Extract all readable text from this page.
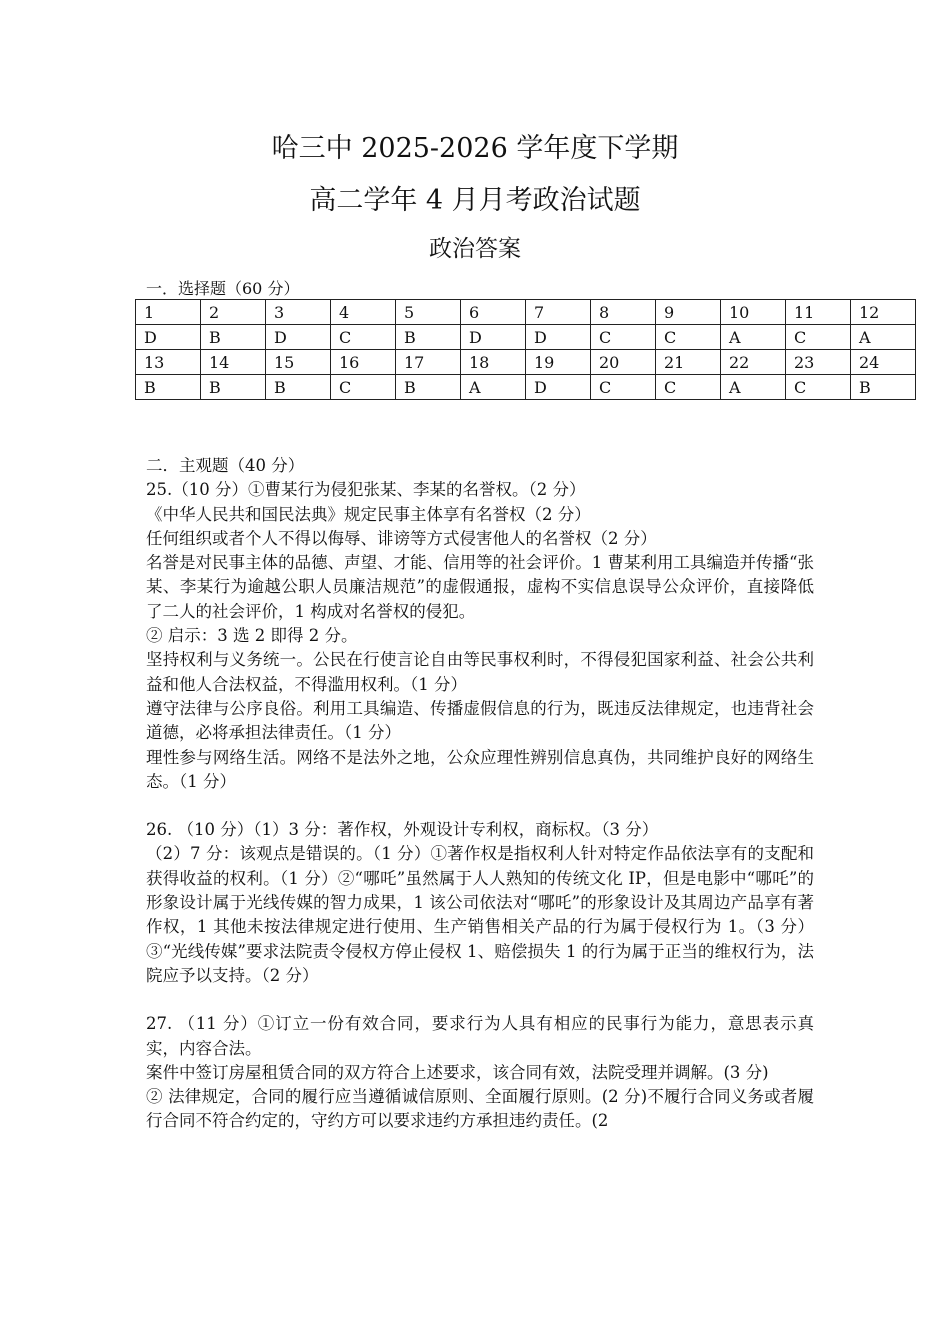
哈三中 2025-2026 学年度下学期
高二学年 4 月月考政治试题
政治答案
一．选择题（60 分）
1	2	3	4	5	6	7	8	9	10	11	12
D	B	D	C	B	D	D	C	C	A	C	A
13	14	15	16	17	18	19	20	21	22	23	24
B	B	B	C	B	A	D	C	C	A	C	B

二．主观题（40 分）

25.（10 分）①曹某行为侵犯张某、李某的名誉权。（2 分）

《中华人民共和国民法典》规定民事主体享有名誉权（2 分）

任何组织或者个人不得以侮辱、诽谤等方式侵害他人的名誉权（2 分）

名誉是对民事主体的品德、声望、才能、信用等的社会评价。1 曹某利用工具编造并传播“张某、李某行为逾越公职人员廉洁规范”的虚假通报，虚构不实信息误导公众评价，直接降低了二人的社会评价，1 构成对名誉权的侵犯。

② 启示：3 选 2 即得 2 分。

坚持权利与义务统一。公民在行使言论自由等民事权利时，不得侵犯国家利益、社会公共利益和他人合法权益，不得滥用权利。（1 分）

遵守法律与公序良俗。利用工具编造、传播虚假信息的行为，既违反法律规定，也违背社会道德，必将承担法律责任。（1 分）

理性参与网络生活。网络不是法外之地，公众应理性辨别信息真伪，共同维护良好的网络生态。（1 分）

26. （10 分）（1）3 分：著作权，外观设计专利权，商标权。（3 分）

（2）7 分：该观点是错误的。（1 分）①著作权是指权利人针对特定作品依法享有的支配和获得收益的权利。（1 分）②“哪吒”虽然属于人人熟知的传统文化 IP，但是电影中“哪吒”的形象设计属于光线传媒的智力成果，1 该公司依法对“哪吒”的形象设计及其周边产品享有著作权，1 其他未按法律规定进行使用、生产销售相关产品的行为属于侵权行为 1。（3 分）③“光线传媒”要求法院责令侵权方停止侵权 1、赔偿损失 1 的行为属于正当的维权行为，法院应予以支持。（2 分）

27. （11 分）①订立一份有效合同，要求行为人具有相应的民事行为能力，意思表示真实，内容合法。

案件中签订房屋租赁合同的双方符合上述要求，该合同有效，法院受理并调解。(3 分)

② 法律规定，合同的履行应当遵循诚信原则、全面履行原则。(2 分)不履行合同义务或者履行合同不符合约定的，守约方可以要求违约方承担违约责任。(2
